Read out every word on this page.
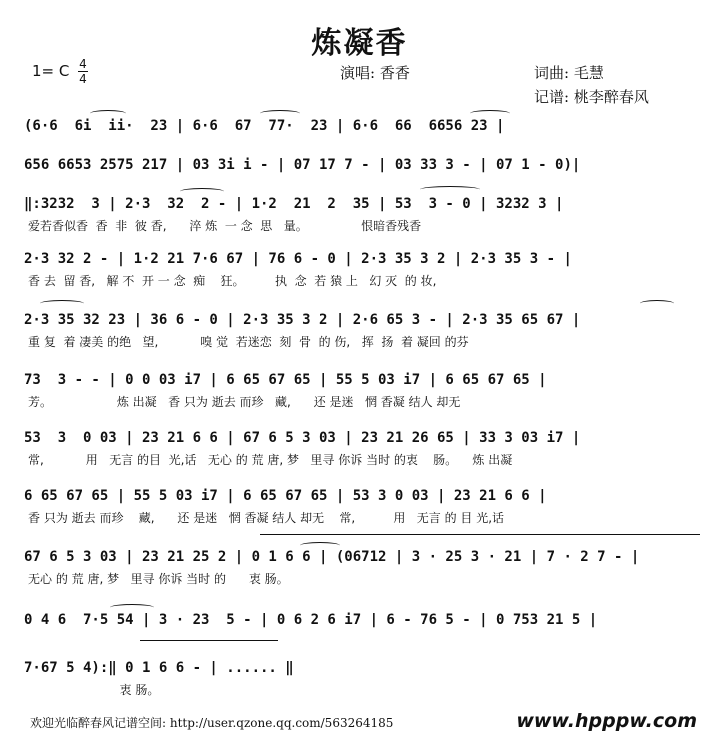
炼凝香
1= C 4
4	演唱: 香香	词曲: 毛慧
记谱: 桃李醉春风
(6·6  6i  ii·  23 | 6·6  67  77·  23 | 6·6  66  6656 23 |
656 6653 2575 217 | 03 3i i - | 07 17 7 - | 03 33 3 - | 07 1 - 0)|
‖:3232  3 | 2·3  32  2 - | 1·2  21  2  35 | 53  3 - 0 | 3232 3 |
爱若香似香  香  非  彼 香,      淬 炼  一 念  思   量。              恨暗香残香
2·3 32 2 - | 1·2 21 7·6 67 | 76 6 - 0 | 2·3 35 3 2 | 2·3 35 3 - |
香 去  留 香,   解 不  开 一 念  痴    狂。        执  念  若 猿 上   幻 灭  的 妆,
2·3 35 32 23 | 36 6 - 0 | 2·3 35 3 2 | 2·6 65 3 - | 2·3 35 65 67 |
重 复  着 凄美 的绝   望,           嗅 觉  若迷恋  刻  骨  的 伤,   挥  扬  着 凝回 的芬
73  3 - - | 0 0 03 i7 | 6 65 67 65 | 55 5 03 i7 | 6 65 67 65 |
芳。                 炼 出凝   香 只为 逝去 而珍   藏,      还 是迷   惘 香凝 结人 却无
53  3  0 03 | 23 21 6 6 | 67 6 5 3 03 | 23 21 26 65 | 33 3 03 i7 |
常,           用   无言 的目  光,话   无心 的 荒 唐, 梦   里寻 你诉 当时 的衷    肠。    炼 出凝
6 65 67 65 | 55 5 03 i7 | 6 65 67 65 | 53 3 0 03 | 23 21 6 6 |
香 只为 逝去 而珍    藏,      还 是迷   惘 香凝 结人 却无    常,          用   无言 的 目 光,话
67 6 5 3 03 | 23 21 25 2 | 0 1 6 6 | (06712 | 3 · 25 3 · 21 | 7 · 2 7 - |
无心 的 荒 唐, 梦   里寻 你诉 当时 的      衷 肠。
0 4 6  7·5 54 | 3 · 23  5 - | 0 6 2 6 i7 | 6 - 76 5 - | 0 753 21 5 |
7·67 5 4):‖ 0 1 6 6 - | ...... ‖
衷 肠。
欢迎光临醉春风记谱空间: http://user.qzone.qq.com/563264185	www.hpppw.com
